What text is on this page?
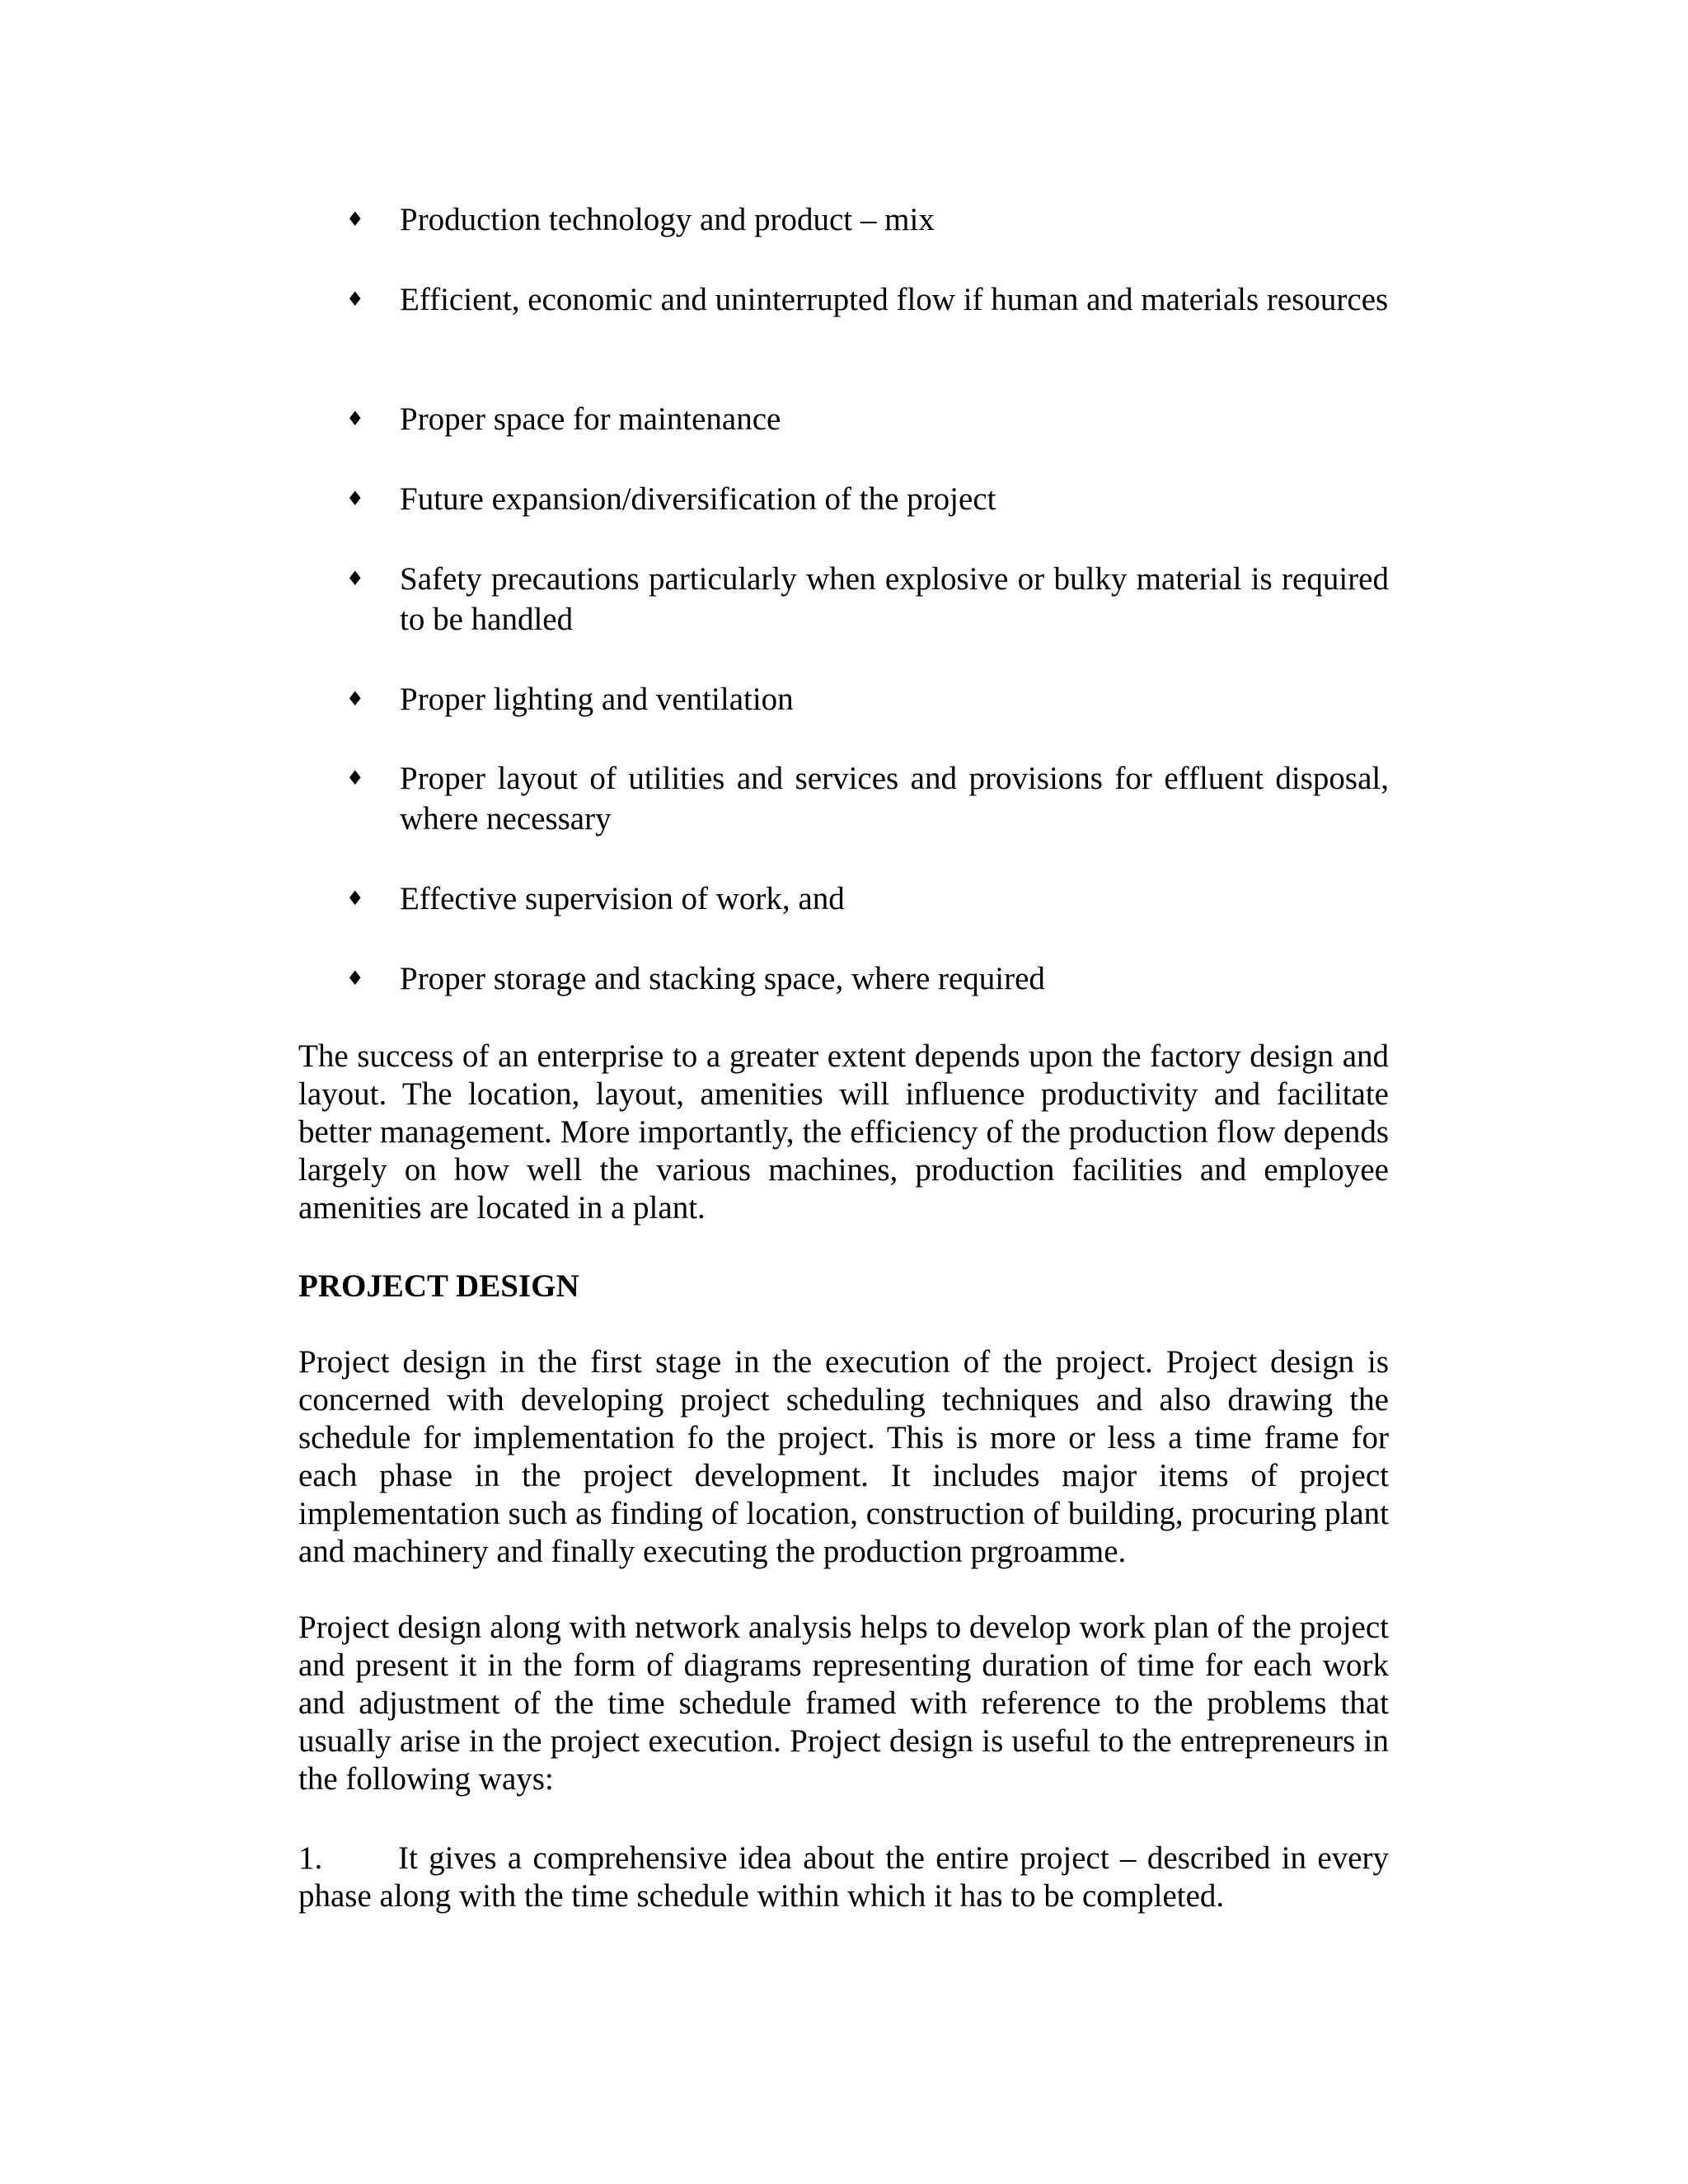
♦ Production technology and product – mix
♦ Efficient, economic and uninterrupted flow if human and materials resources
♦ Proper space for maintenance
♦ Future expansion/diversification of the project
♦ Safety precautions particularly when explosive or bulky material is required to be handled
♦ Proper lighting and ventilation
♦ Proper layout of utilities and services and provisions for effluent disposal, where necessary
♦ Effective supervision of work, and
♦ Proper storage and stacking space, where required

The success of an enterprise to a greater extent depends upon the factory design and layout. The location, layout, amenities will influence productivity and facilitate better management. More importantly, the efficiency of the production flow depends largely on how well the various machines, production facilities and employee amenities are located in a plant.

PROJECT DESIGN

Project design in the first stage in the execution of the project. Project design is concerned with developing project scheduling techniques and also drawing the schedule for implementation fo the project. This is more or less a time frame for each phase in the project development. It includes major items of project implementation such as finding of location, construction of building, procuring plant and machinery and finally executing the production prgroamme.

Project design along with network analysis helps to develop work plan of the project and present it in the form of diagrams representing duration of time for each work and adjustment of the time schedule framed with reference to the problems that usually arise in the project execution. Project design is useful to the entrepreneurs in the following ways:

1. It gives a comprehensive idea about the entire project – described in every phase along with the time schedule within which it has to be completed.
